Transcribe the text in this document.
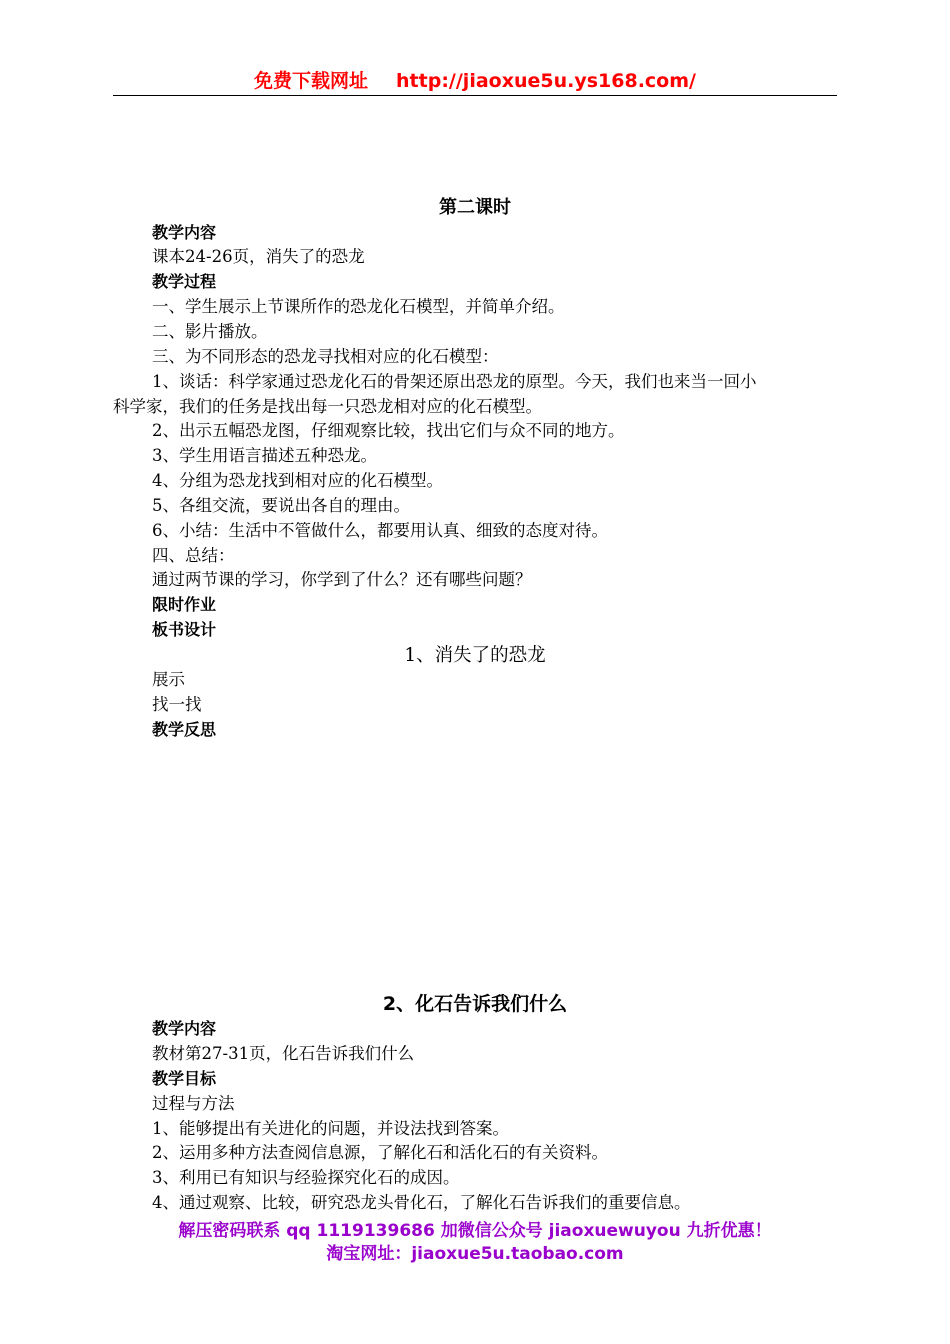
免费下载网址 http://jiaoxue5u.ys168.com/
第二课时
教学内容
课本24-26页，消失了的恐龙
教学过程
一、学生展示上节课所作的恐龙化石模型，并简单介绍。
二、影片播放。
三、为不同形态的恐龙寻找相对应的化石模型：
1、谈话：科学家通过恐龙化石的骨架还原出恐龙的原型。今天，我们也来当一回小
科学家，我们的任务是找出每一只恐龙相对应的化石模型。
2、出示五幅恐龙图，仔细观察比较，找出它们与众不同的地方。
3、学生用语言描述五种恐龙。
4、分组为恐龙找到相对应的化石模型。
5、各组交流，要说出各自的理由。
6、小结：生活中不管做什么，都要用认真、细致的态度对待。
四、总结：
通过两节课的学习，你学到了什么？还有哪些问题？
限时作业
板书设计
1、消失了的恐龙
展示
找一找
教学反思
2、化石告诉我们什么
教学内容
教材第27-31页，化石告诉我们什么
教学目标
过程与方法
1、能够提出有关进化的问题，并设法找到答案。
2、运用多种方法查阅信息源，了解化石和活化石的有关资料。
3、利用已有知识与经验探究化石的成因。
4、通过观察、比较，研究恐龙头骨化石，了解化石告诉我们的重要信息。
解压密码联系 qq 1119139686 加微信公众号 jiaoxuewuyou 九折优惠！
淘宝网址：jiaoxue5u.taobao.com
